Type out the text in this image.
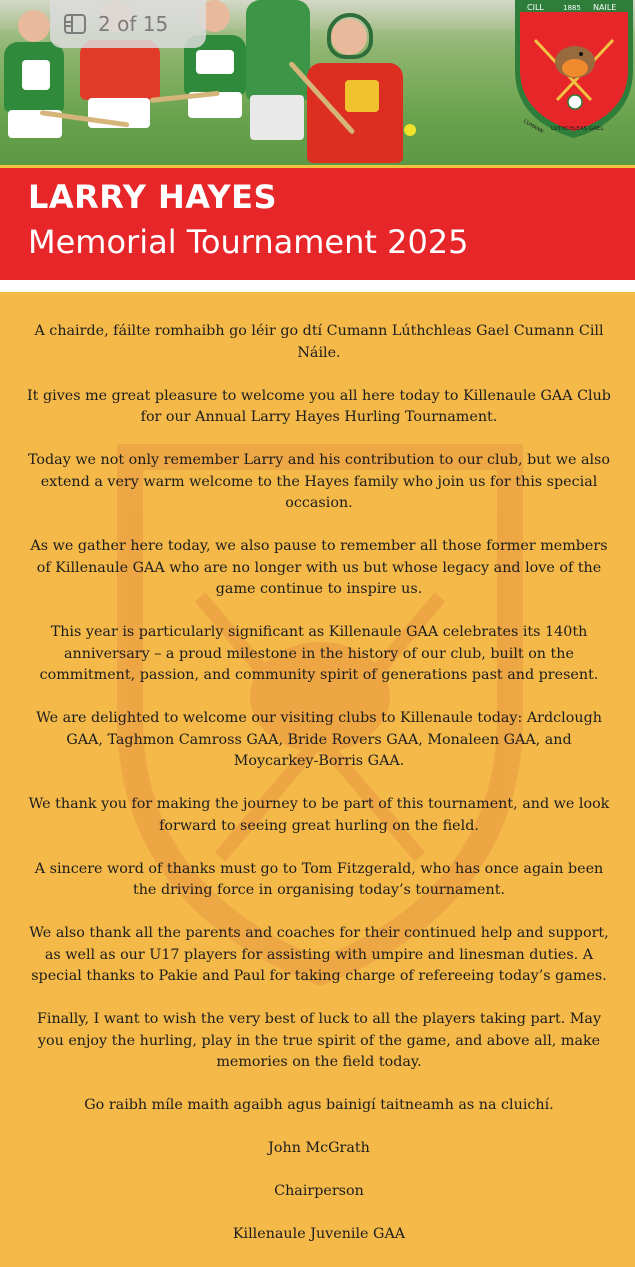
2 of 15
CILL	1885 NAILE
CUMANN LUTHCHLEAS GAEL
LARRY HAYES
Memorial Tournament 2025

A chairde, fáilte romhaibh go léir go dtí Cumann Lúthchleas Gael Cumann Cill Náile.

It gives me great pleasure to welcome you all here today to Killenaule GAA Club for our Annual Larry Hayes Hurling Tournament.

Today we not only remember Larry and his contribution to our club, but we also extend a very warm welcome to the Hayes family who join us for this special occasion.

As we gather here today, we also pause to remember all those former members of Killenaule GAA who are no longer with us but whose legacy and love of the game continue to inspire us.

This year is particularly significant as Killenaule GAA celebrates its 140th anniversary – a proud milestone in the history of our club, built on the commitment, passion, and community spirit of generations past and present.

We are delighted to welcome our visiting clubs to Killenaule today: Ardclough GAA, Taghmon Camross GAA, Bride Rovers GAA, Monaleen GAA, and Moycarkey-Borris GAA.

We thank you for making the journey to be part of this tournament, and we look forward to seeing great hurling on the field.

A sincere word of thanks must go to Tom Fitzgerald, who has once again been the driving force in organising today’s tournament.

We also thank all the parents and coaches for their continued help and support, as well as our U17 players for assisting with umpire and linesman duties. A special thanks to Pakie and Paul for taking charge of refereeing today’s games.

Finally, I want to wish the very best of luck to all the players taking part. May you enjoy the hurling, play in the true spirit of the game, and above all, make memories on the field today.

Go raibh míle maith agaibh agus bainigí taitneamh as na cluichí.

John McGrath

Chairperson

Killenaule Juvenile GAA
